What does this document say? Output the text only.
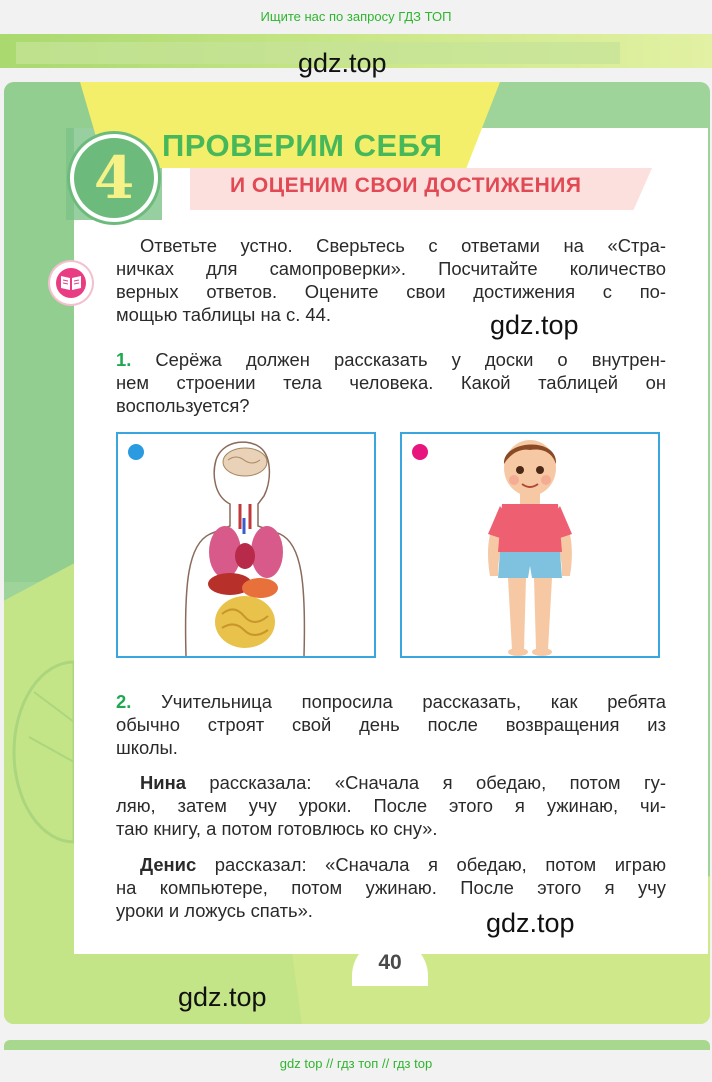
Ищите нас по запросу ГДЗ ТОП
4 ПРОВЕРИМ СЕБЯ
И ОЦЕНИМ СВОИ ДОСТИЖЕНИЯ
Ответьте устно. Сверьтесь с ответами на «Стра-
ничках для самопроверки». Посчитайте количество
верных ответов. Оцените свои достижения с по-
мощью таблицы на с. 44.
1. Серёжа должен рассказать у доски о внутрен-
нем строении тела человека. Какой таблицей он
воспользуется?
2. Учительница попросила рассказать, как ребята
обычно строят свой день после возвращения из
школы.
Нина рассказала: «Сначала я обедаю, потом гу-
ляю, затем учу уроки. После этого я ужинаю, чи-
таю книгу, а потом готовлюсь ко сну».
Денис рассказал: «Сначала я обедаю, потом играю
на компьютере, потом ужинаю. После этого я учу
уроки и ложусь спать».
40
gdz.top
gdz.top
gdz.top
gdz.top
gdz top // гдз топ // гдз top
